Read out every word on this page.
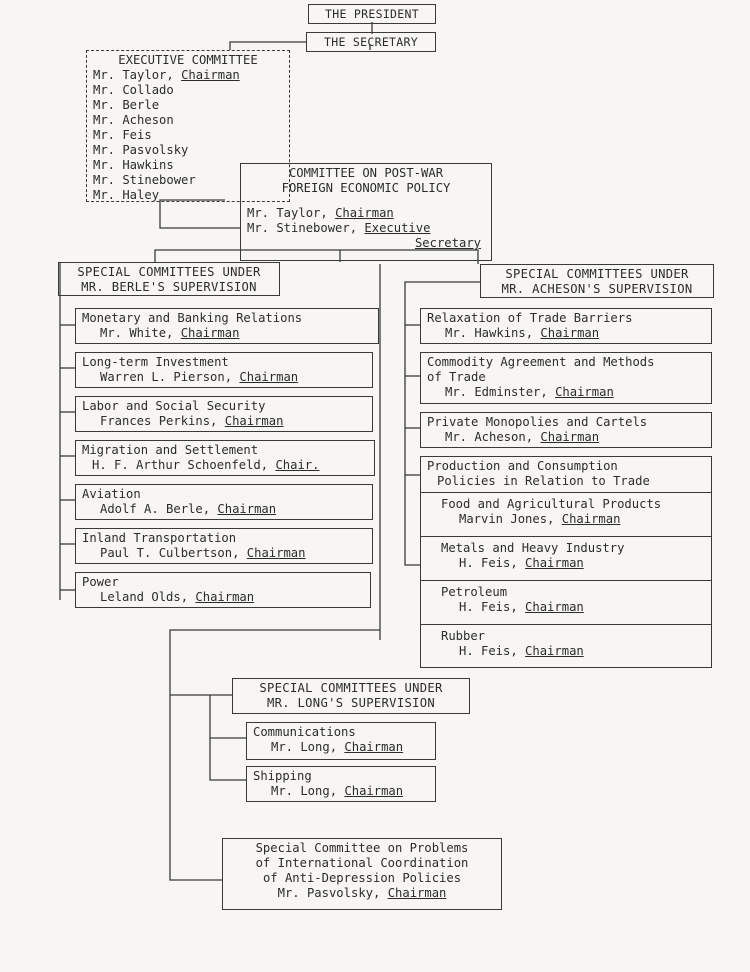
THE PRESIDENT
THE SECRETARY
EXECUTIVE COMMITTEE
Mr. Taylor, Chairman
Mr. Collado
Mr. Berle
Mr. Acheson
Mr. Feis
Mr. Pasvolsky
Mr. Hawkins
Mr. Stinebower
Mr. Haley
COMMITTEE ON POST-WAR
FOREIGN ECONOMIC POLICY
Mr. Taylor, Chairman
Mr. Stinebower, Executive
Secretary
SPECIAL COMMITTEES UNDER
MR. BERLE'S SUPERVISION
Monetary and Banking Relations
Mr. White, Chairman
Long-term Investment
Warren L. Pierson, Chairman
Labor and Social Security
Frances Perkins, Chairman
Migration and Settlement
H. F. Arthur Schoenfeld, Chair.
Aviation
Adolf A. Berle, Chairman
Inland Transportation
Paul T. Culbertson, Chairman
Power
Leland Olds, Chairman
SPECIAL COMMITTEES UNDER
MR. ACHESON'S SUPERVISION
Relaxation of Trade Barriers
Mr. Hawkins, Chairman
Commodity Agreement and Methods
of Trade
Mr. Edminster, Chairman
Private Monopolies and Cartels
Mr. Acheson, Chairman
Production and Consumption
Policies in Relation to Trade
Food and Agricultural Products
Marvin Jones, Chairman
Metals and Heavy Industry
H. Feis, Chairman
Petroleum
H. Feis, Chairman
Rubber
H. Feis, Chairman
SPECIAL COMMITTEES UNDER
MR. LONG'S SUPERVISION
Communications
Mr. Long, Chairman
Shipping
Mr. Long, Chairman
Special Committee on Problems
of International Coordination
of Anti-Depression Policies
Mr. Pasvolsky, Chairman
